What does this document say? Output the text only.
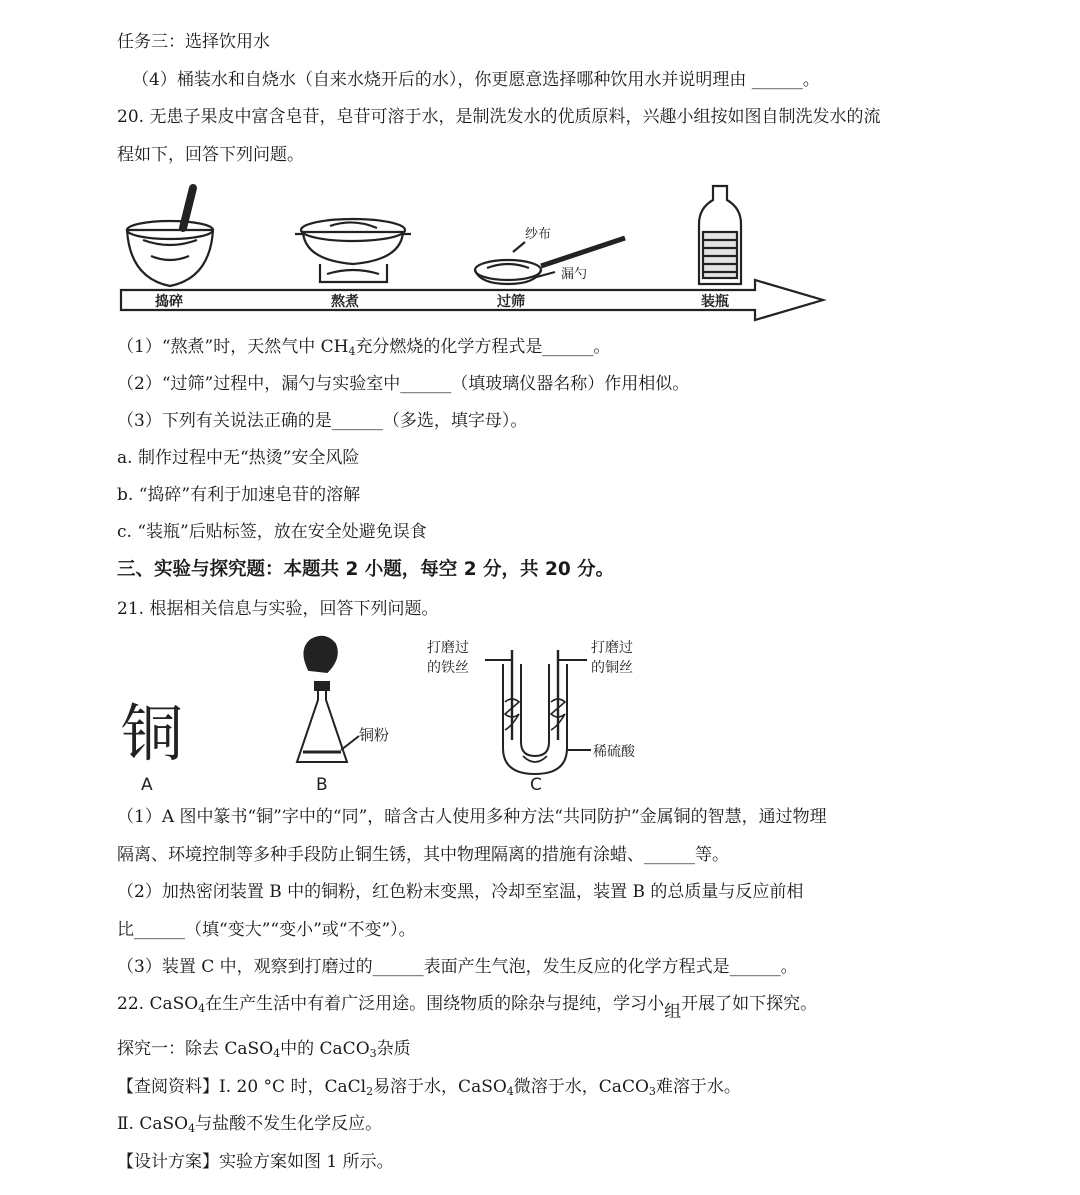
任务三：选择饮用水
（4）桶装水和自烧水（自来水烧开后的水），你更愿意选择哪种饮用水并说明理由 ______。
20. 无患子果皮中富含皂苷，皂苷可溶于水，是制洗发水的优质原料，兴趣小组按如图自制洗发水的流
程如下，回答下列问题。
捣碎	熬煮	过筛	装瓶
纱布
漏勺
（1）“熬煮”时，天然气中 $CH_4$充分燃烧的化学方程式是______。
（2）“过筛”过程中，漏勺与实验室中______（填玻璃仪器名称）作用相似。
（3）下列有关说法正确的是______（多选，填字母）。
a. 制作过程中无“热烫”安全风险
b. “捣碎”有利于加速皂苷的溶解
c. “装瓶”后贴标签，放在安全处避免误食
三、实验与探究题：本题共 2 小题，每空 2 分，共 20 分。
21. 根据相关信息与实验，回答下列问题。
铜
A
铜粉
B
打磨过
的铁丝
打磨过
的铜丝
稀硫酸
C
（1）A 图中篆书“铜”字中的“同”，暗含古人使用多种方法“共同防护”金属铜的智慧，通过物理
隔离、环境控制等多种手段防止铜生锈，其中物理隔离的措施有涂蜡、______等。
（2）加热密闭装置 B 中的铜粉，红色粉末变黑，冷却至室温，装置 B 的总质量与反应前相
比______（填“变大”“变小”或“不变”）。
（3）装置 C 中，观察到打磨过的______表面产生气泡，发生反应的化学方程式是______。
22. CaSO$_4$在生产生活中有着广泛用途。围绕物质的除杂与提纯，学习小组开展了如下探究。
探究一：除去 CaSO$_4$中的 CaCO$_3$杂质
【查阅资料】Ⅰ. 20 °C 时，CaCl$_2$易溶于水，CaSO$_4$微溶于水，CaCO$_3$难溶于水。
Ⅱ. CaSO$_4$与盐酸不发生化学反应。
【设计方案】实验方案如图 1 所示。
